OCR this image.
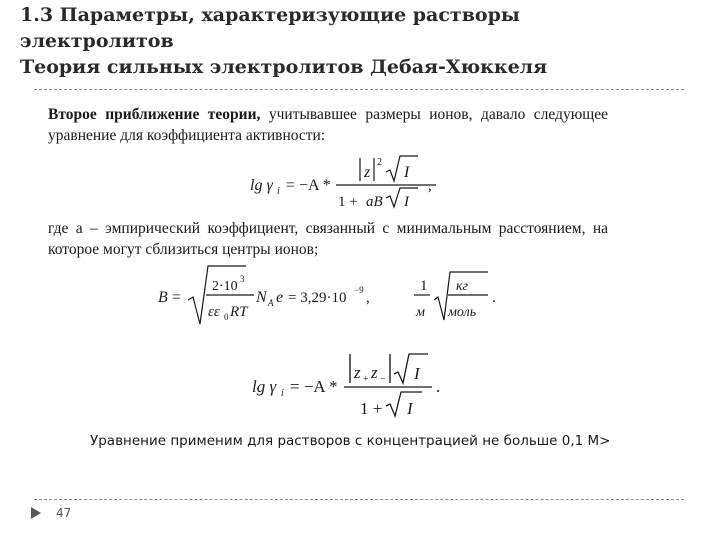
1.3 Параметры, характеризующие растворы
электролитов
Теория сильных электролитов Дебая-Хюккеля

Второе приближение теории, учитывавшее размеры ионов, давало следующее уравнение для коэффициента активности:

lg γ i = −A *
z
2
I
1 + aB I
,

где a – эмпирический коэффициент, связанный с минимальным расстоянием, на которое могут сблизиться центры ионов;

B =
2·10 3
εε 0 RT
N A e = 3,29·10 −9 ,
1
м
кг
моль
.
lg γ i = −A *
z + z − I
1 + I
.

Уравнение применим для растворов с концентрацией не больше 0,1 М>

47
